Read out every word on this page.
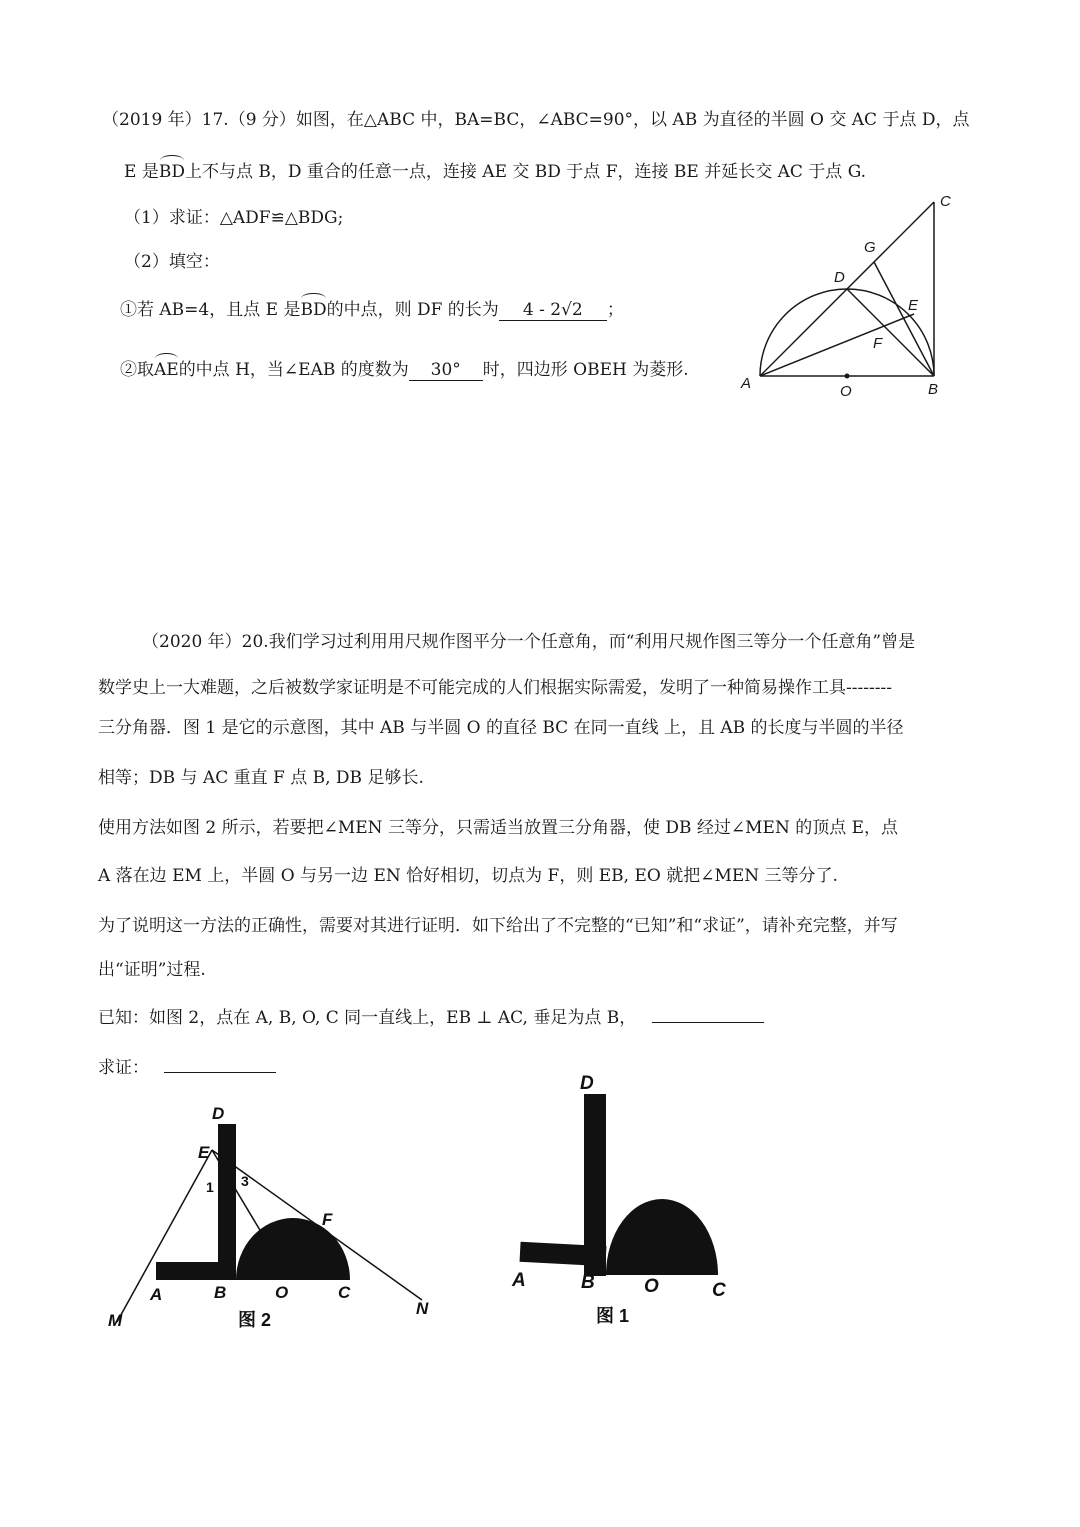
（2019 年）17.（9 分）如图，在△ABC 中，BA=BC，∠ABC=90°，以 AB 为直径的半圆 O 交 AC 于点 D，点
E 是BD上不与点 B，D 重合的任意一点，连接 AE 交 BD 于点 F，连接 BE 并延长交 AC 于点 G.
（1）求证：△ADF≌△BDG;
（2）填空：
①若 AB=4，且点 E 是BD的中点，则 DF 的长为 4 - 2√2 ；
②取AE的中点 H，当∠EAB 的度数为 30° 时，四边形 OBEH 为菱形.
A	O	B
C
G
D
E
F
（2020 年）20.我们学习过利用用尺规作图平分一个任意角，而“利用尺规作图三等分一个任意角”曾是
数学史上一大难题，之后被数学家证明是不可能完成的人们根据实际需爱，发明了一种简易操作工具--------
三分角器．图 1 是它的示意图，其中 AB 与半圆 O 的直径 BC 在同一直线 上，且 AB 的长度与半圆的半径
相等；DB 与 AC 重直 F 点 B, DB 足够长.
使用方法如图 2 所示，若要把∠MEN 三等分，只需适当放置三分角器，使 DB 经过∠MEN 的顶点 E，点
A 落在边 EM 上，半圆 O 与另一边 EN 恰好相切，切点为 F，则 EB, EO 就把∠MEN 三等分了.
为了说明这一方法的正确性，需要对其进行证明．如下给出了不完整的“已知”和“求证”，请补充完整，并写
出“证明”过程.
已知：如图 2，点在 A, B, O, C 同一直线上，EB ⊥ AC, 垂足为点 B，
求证：
D
E
1 3
F
A	B	O	C
M
N
图 2
D
A	B	O	C
图 1
